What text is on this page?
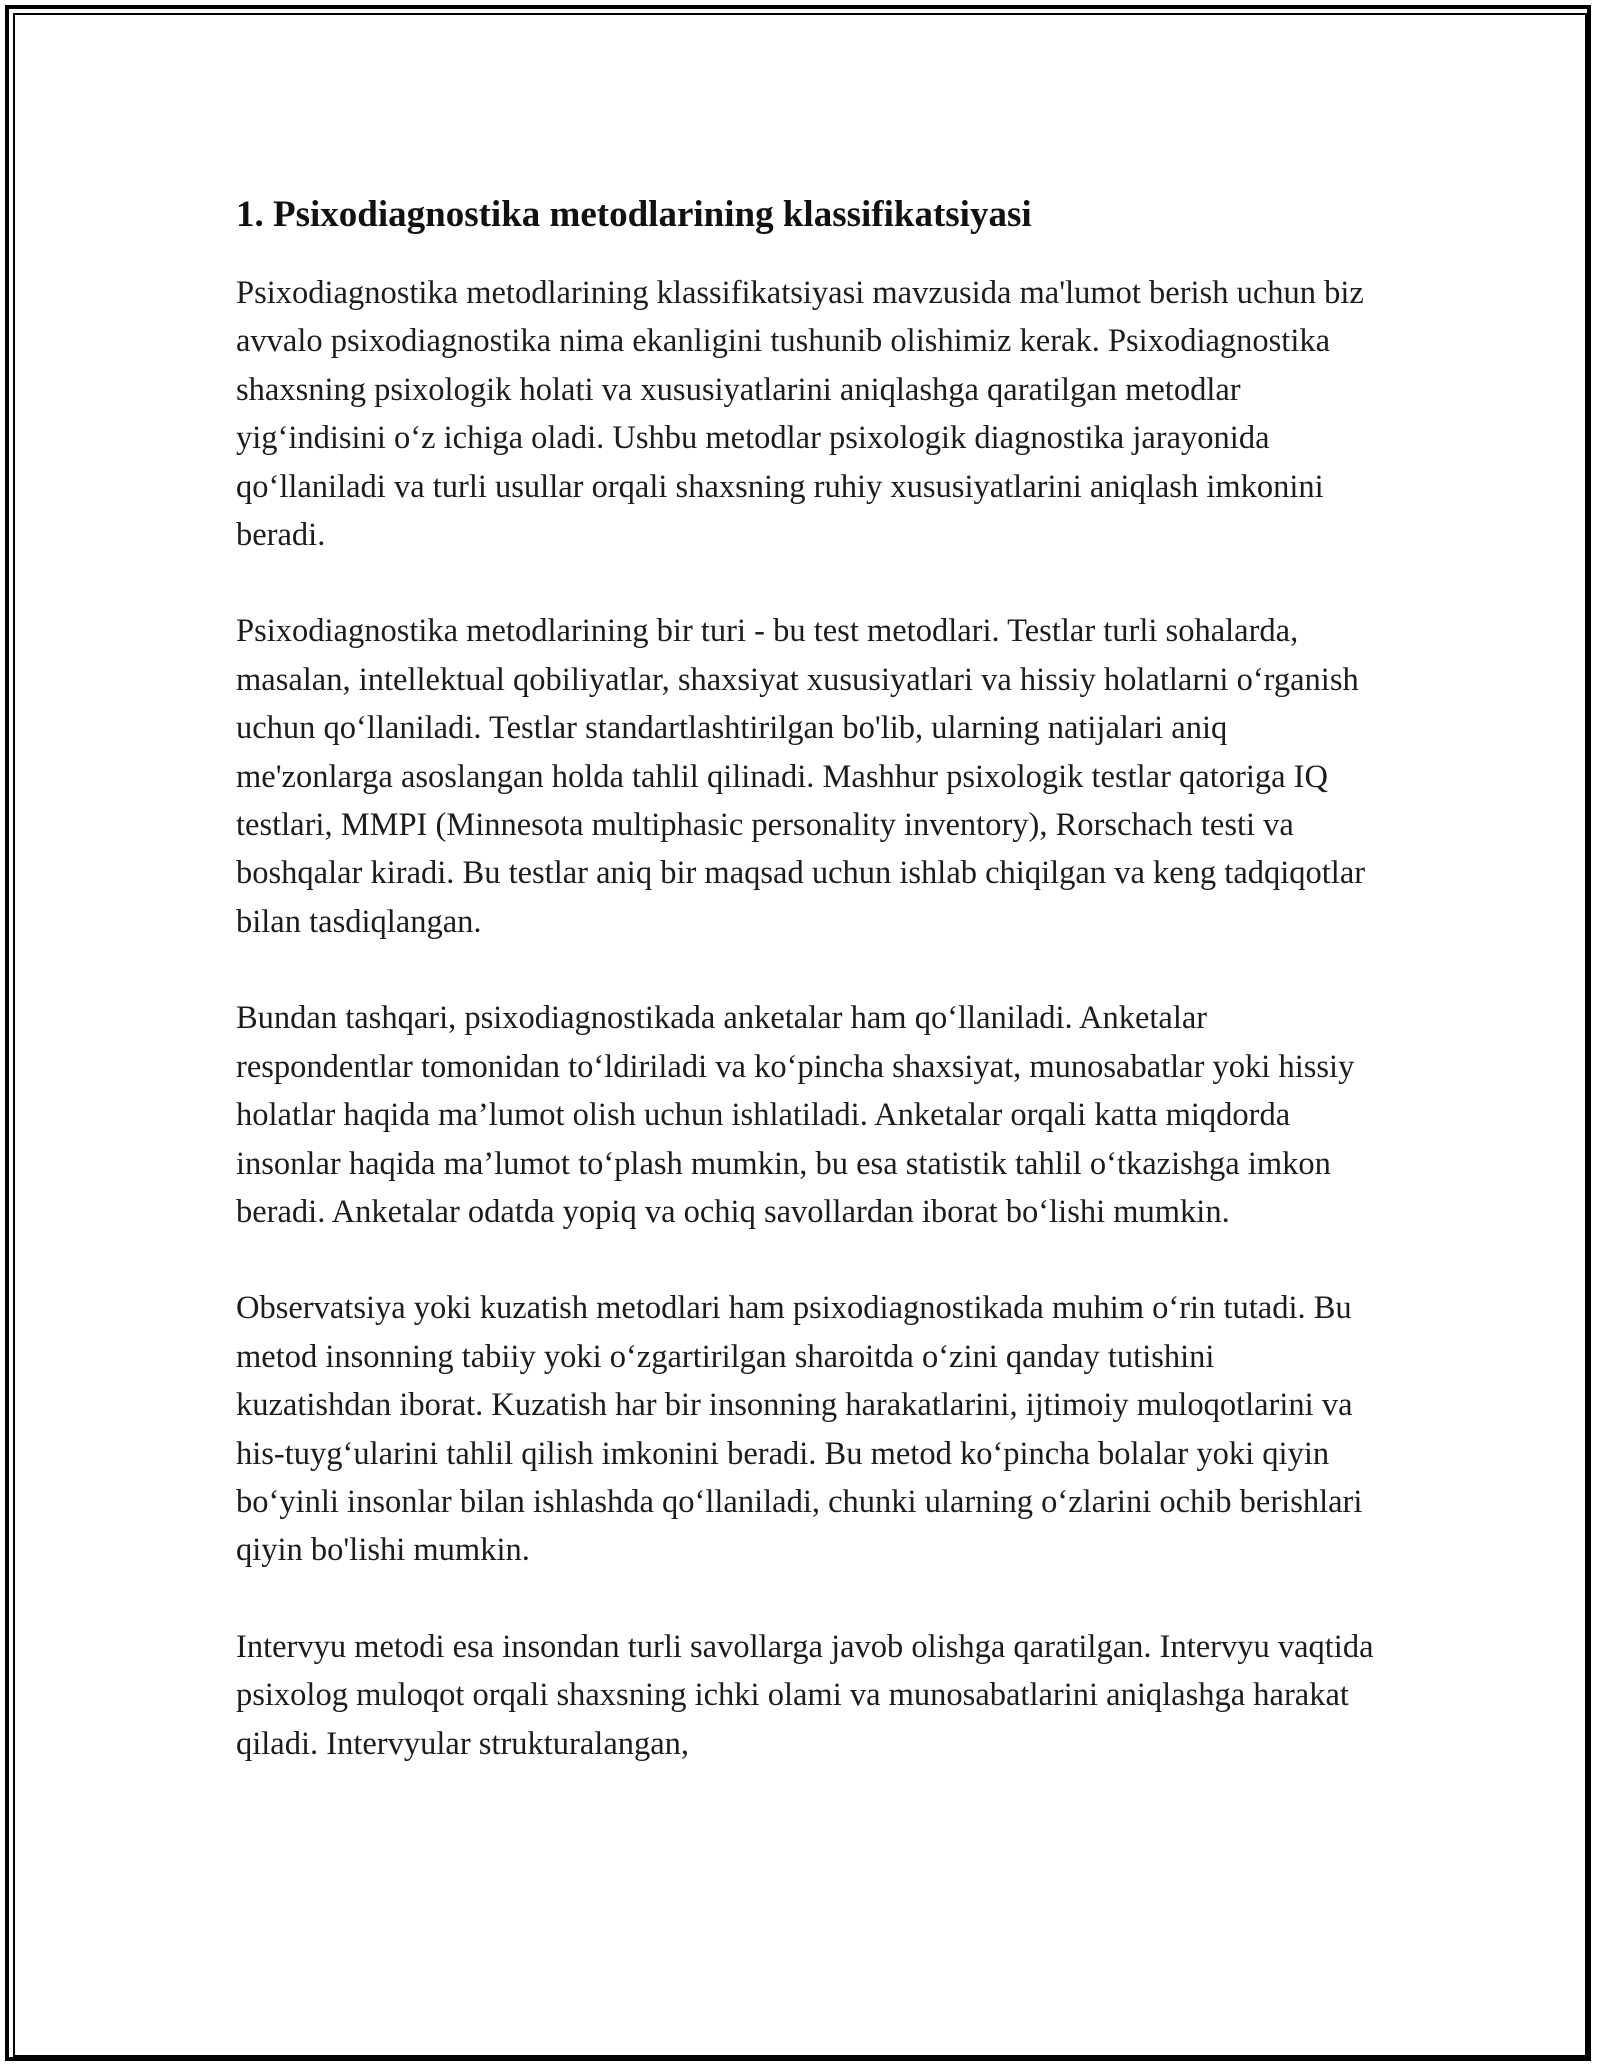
1. Psixodiagnostika metodlarining klassifikatsiyasi

Psixodiagnostika metodlarining klassifikatsiyasi mavzusida ma'lumot berish uchun biz avvalo psixodiagnostika nima ekanligini tushunib olishimiz kerak. Psixodiagnostika shaxsning psixologik holati va xususiyatlarini aniqlashga qaratilgan metodlar yig‘indisini o‘z ichiga oladi. Ushbu metodlar psixologik diagnostika jarayonida qo‘llaniladi va turli usullar orqali shaxsning ruhiy xususiyatlarini aniqlash imkonini beradi.

Psixodiagnostika metodlarining bir turi - bu test metodlari. Testlar turli sohalarda, masalan, intellektual qobiliyatlar, shaxsiyat xususiyatlari va hissiy holatlarni o‘rganish uchun qo‘llaniladi. Testlar standartlashtirilgan bo'lib, ularning natijalari aniq me'zonlarga asoslangan holda tahlil qilinadi. Mashhur psixologik testlar qatoriga IQ testlari, MMPI (Minnesota multiphasic personality inventory), Rorschach testi va boshqalar kiradi. Bu testlar aniq bir maqsad uchun ishlab chiqilgan va keng tadqiqotlar bilan tasdiqlangan.

Bundan tashqari, psixodiagnostikada anketalar ham qo‘llaniladi. Anketalar respondentlar tomonidan to‘ldiriladi va ko‘pincha shaxsiyat, munosabatlar yoki hissiy holatlar haqida ma’lumot olish uchun ishlatiladi. Anketalar orqali katta miqdorda insonlar haqida ma’lumot to‘plash mumkin, bu esa statistik tahlil o‘tkazishga imkon beradi. Anketalar odatda yopiq va ochiq savollardan iborat bo‘lishi mumkin.

Observatsiya yoki kuzatish metodlari ham psixodiagnostikada muhim o‘rin tutadi. Bu metod insonning tabiiy yoki o‘zgartirilgan sharoitda o‘zini qanday tutishini kuzatishdan iborat. Kuzatish har bir insonning harakatlarini, ijtimoiy muloqotlarini va his-tuyg‘ularini tahlil qilish imkonini beradi. Bu metod ko‘pincha bolalar yoki qiyin bo‘yinli insonlar bilan ishlashda qo‘llaniladi, chunki ularning o‘zlarini ochib berishlari qiyin bo'lishi mumkin.

Intervyu metodi esa insondan turli savollarga javob olishga qaratilgan. Intervyu vaqtida psixolog muloqot orqali shaxsning ichki olami va munosabatlarini aniqlashga harakat qiladi. Intervyular strukturalangan,
